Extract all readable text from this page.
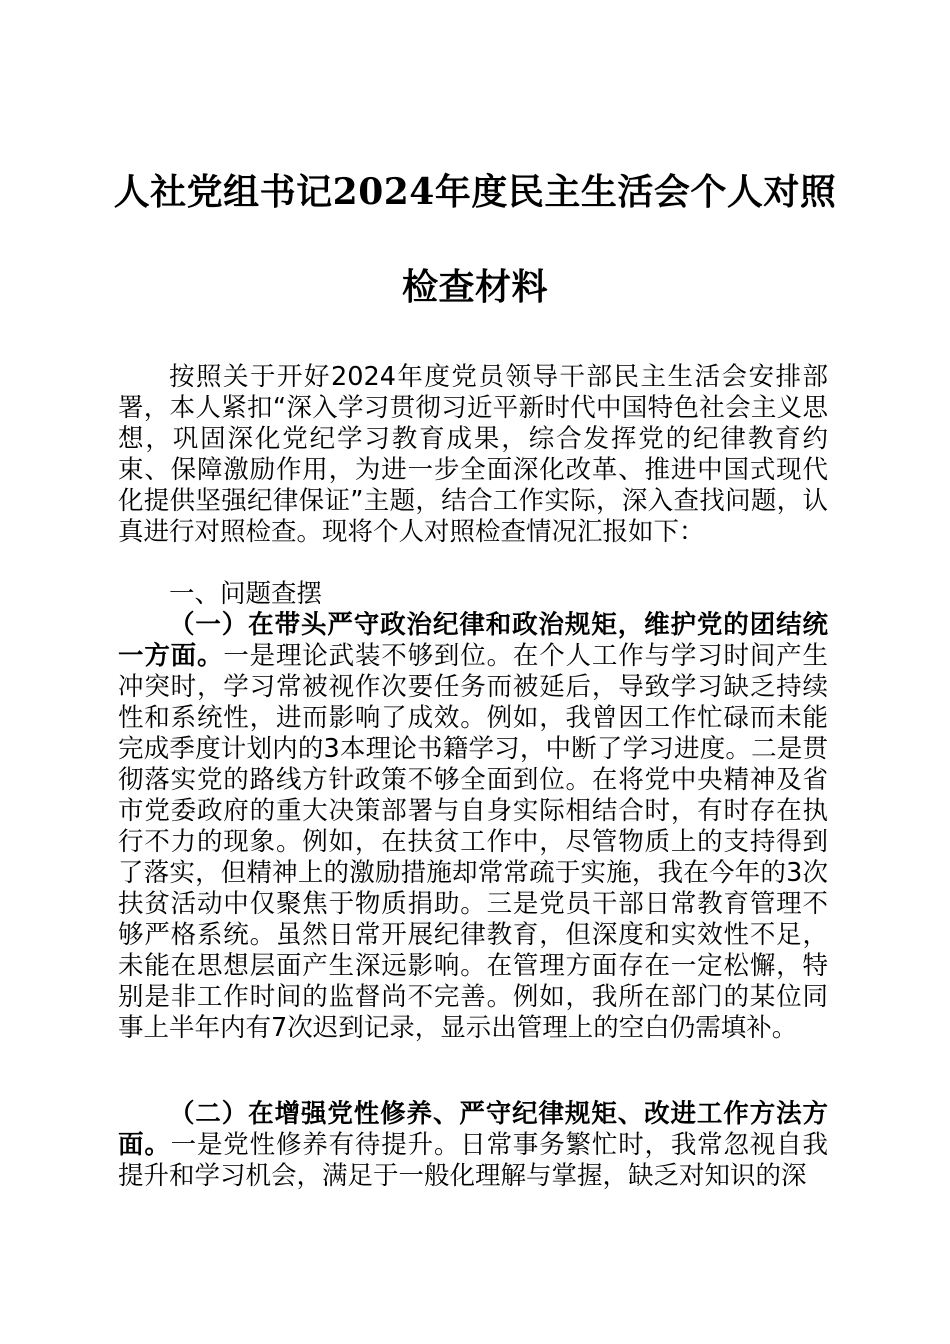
人社党组书记2024年度民主生活会个人对照
检查材料

按照关于开好2024年度党员领导干部民主生活会安排部署，本人紧扣“深入学习贯彻习近平新时代中国特色社会主义思想，巩固深化党纪学习教育成果，综合发挥党的纪律教育约束、保障激励作用，为进一步全面深化改革、推进中国式现代化提供坚强纪律保证”主题，结合工作实际，深入查找问题，认真进行对照检查。现将个人对照检查情况汇报如下：

一、问题查摆

（一）在带头严守政治纪律和政治规矩，维护党的团结统一方面。一是理论武装不够到位。在个人工作与学习时间产生冲突时，学习常被视作次要任务而被延后，导致学习缺乏持续性和系统性，进而影响了成效。例如，我曾因工作忙碌而未能完成季度计划内的3本理论书籍学习，中断了学习进度。二是贯彻落实党的路线方针政策不够全面到位。在将党中央精神及省市党委政府的重大决策部署与自身实际相结合时，有时存在执行不力的现象。例如，在扶贫工作中，尽管物质上的支持得到了落实，但精神上的激励措施却常常疏于实施，我在今年的3次扶贫活动中仅聚焦于物质捐助。三是党员干部日常教育管理不够严格系统。虽然日常开展纪律教育，但深度和实效性不足，未能在思想层面产生深远影响。在管理方面存在一定松懈，特别是非工作时间的监督尚不完善。例如，我所在部门的某位同事上半年内有7次迟到记录，显示出管理上的空白仍需填补。

（二）在增强党性修养、严守纪律规矩、改进工作方法方面。一是党性修养有待提升。日常事务繁忙时，我常忽视自我提升和学习机会，满足于一般化理解与掌握，缺乏对知识的深
